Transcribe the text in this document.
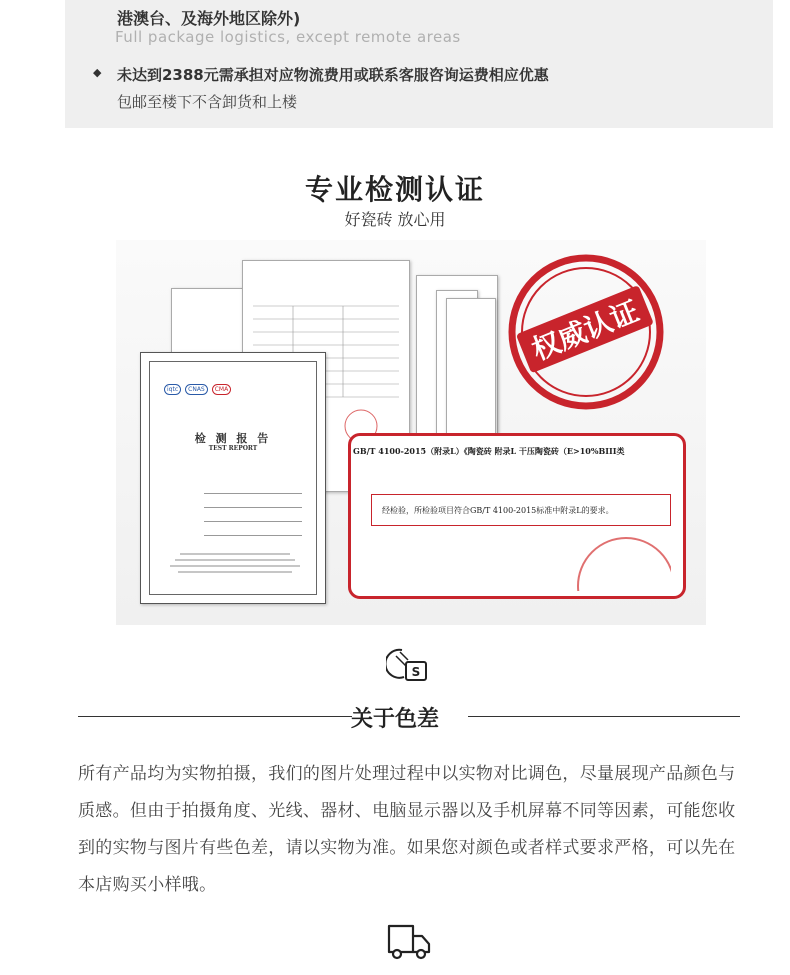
港澳台、及海外地区除外)
Full package logistics, except remote areas
◆ 未达到2388元需承担对应物流费用或联系客服咨询运费相应优惠
包邮至楼下不含卸货和上楼
专业检测认证
好瓷砖 放心用
iqtc	CNAS	CMA
检 测 报 告
TEST REPORT
权威认证
GB/T 4100-2015（附录L）《陶瓷砖 附录L 干压陶瓷砖（E>10%BIII类
经检验，所检验项目符合GB/T 4100-2015标准中附录L的要求。
S
关于色差
所有产品均为实物拍摄，我们的图片处理过程中以实物对比调色，尽量展现产品颜色与质感。但由于拍摄角度、光线、器材、电脑显示器以及手机屏幕不同等因素，可能您收到的实物与图片有些色差，请以实物为准。如果您对颜色或者样式要求严格，可以先在本店购买小样哦。
